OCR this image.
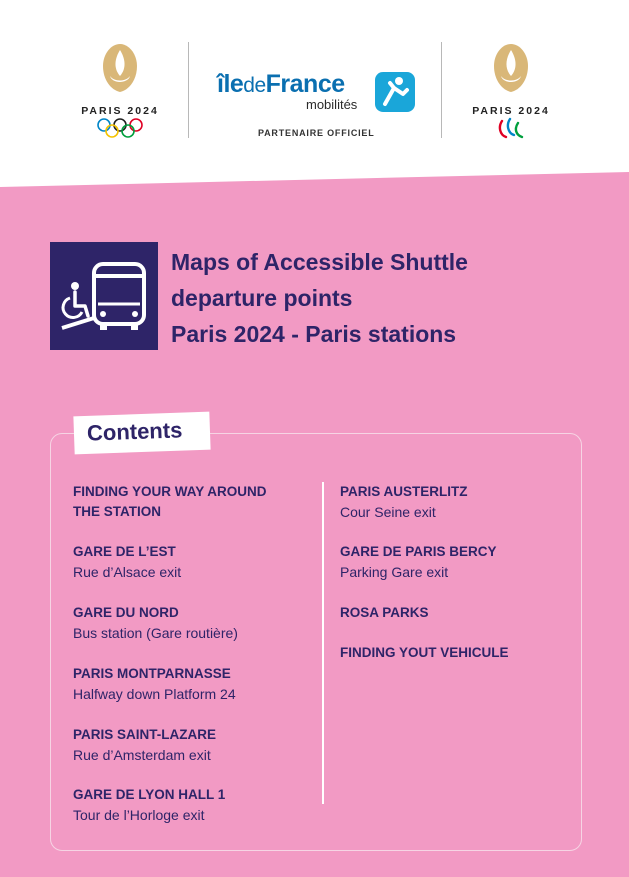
PARIS 2024
îledeFrance
mobilités
PARTENAIRE OFFICIEL
PARIS 2024
Maps of Accessible Shuttle
departure points
Paris 2024 - Paris stations
Contents
FINDING YOUR WAY AROUND
THE STATION
GARE DE L’EST
Rue d’Alsace exit
GARE DU NORD
Bus station (Gare routière)
PARIS MONTPARNASSE
Halfway down Platform 24
PARIS SAINT-LAZARE
Rue d’Amsterdam exit
GARE DE LYON HALL 1
Tour de l’Horloge exit
PARIS AUSTERLITZ
Cour Seine exit
GARE DE PARIS BERCY
Parking Gare exit
ROSA PARKS
FINDING YOUT VEHICULE
